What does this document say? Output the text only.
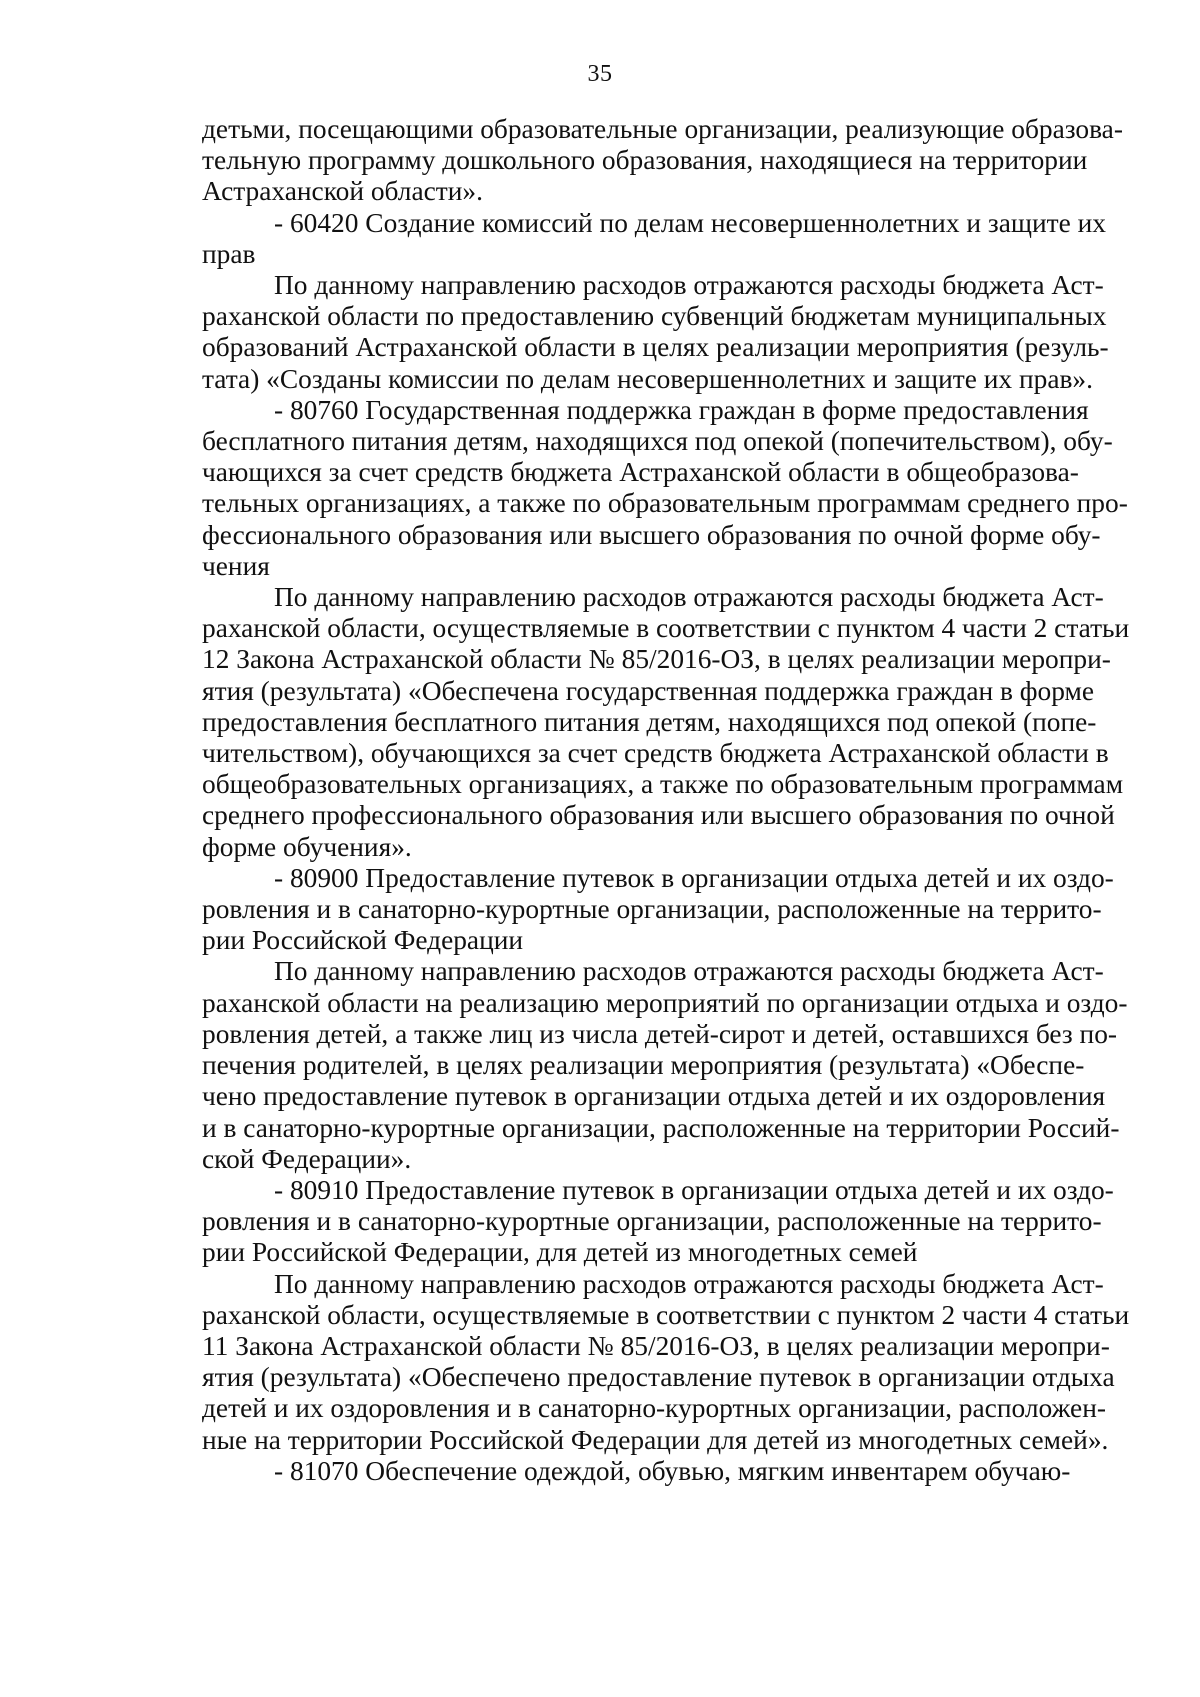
35

детьми, посещающими образовательные организации, реализующие образова-
тельную программу дошкольного образования, находящиеся на территории
Астраханской области».

- 60420 Создание комиссий по делам несовершеннолетних и защите их
прав

По данному направлению расходов отражаются расходы бюджета Аст-
раханской области по предоставлению субвенций бюджетам муниципальных
образований Астраханской области в целях реализации мероприятия (резуль-
тата) «Созданы комиссии по делам несовершеннолетних и защите их прав».

- 80760 Государственная поддержка граждан в форме предоставления
бесплатного питания детям, находящихся под опекой (попечительством), обу-
чающихся за счет средств бюджета Астраханской области в общеобразова-
тельных организациях, а также по образовательным программам среднего про-
фессионального образования или высшего образования по очной форме обу-
чения

По данному направлению расходов отражаются расходы бюджета Аст-
раханской области, осуществляемые в соответствии с пунктом 4 части 2 статьи
12 Закона Астраханской области № 85/2016-ОЗ, в целях реализации меропри-
ятия (результата) «Обеспечена государственная поддержка граждан в форме
предоставления бесплатного питания детям, находящихся под опекой (попе-
чительством), обучающихся за счет средств бюджета Астраханской области в
общеобразовательных организациях, а также по образовательным программам
среднего профессионального образования или высшего образования по очной
форме обучения».

- 80900 Предоставление путевок в организации отдыха детей и их оздо-
ровления и в санаторно-курортные организации, расположенные на террито-
рии Российской Федерации

По данному направлению расходов отражаются расходы бюджета Аст-
раханской области на реализацию мероприятий по организации отдыха и оздо-
ровления детей, а также лиц из числа детей-сирот и детей, оставшихся без по-
печения родителей, в целях реализации мероприятия (результата) «Обеспе-
чено предоставление путевок в организации отдыха детей и их оздоровления
и в санаторно-курортные организации, расположенные на территории Россий-
ской Федерации».

- 80910 Предоставление путевок в организации отдыха детей и их оздо-
ровления и в санаторно-курортные организации, расположенные на террито-
рии Российской Федерации, для детей из многодетных семей

По данному направлению расходов отражаются расходы бюджета Аст-
раханской области, осуществляемые в соответствии с пунктом 2 части 4 статьи
11 Закона Астраханской области № 85/2016-ОЗ, в целях реализации меропри-
ятия (результата) «Обеспечено предоставление путевок в организации отдыха
детей и их оздоровления и в санаторно-курортных организации, расположен-
ные на территории Российской Федерации для детей из многодетных семей».

- 81070 Обеспечение одеждой, обувью, мягким инвентарем обучаю-
